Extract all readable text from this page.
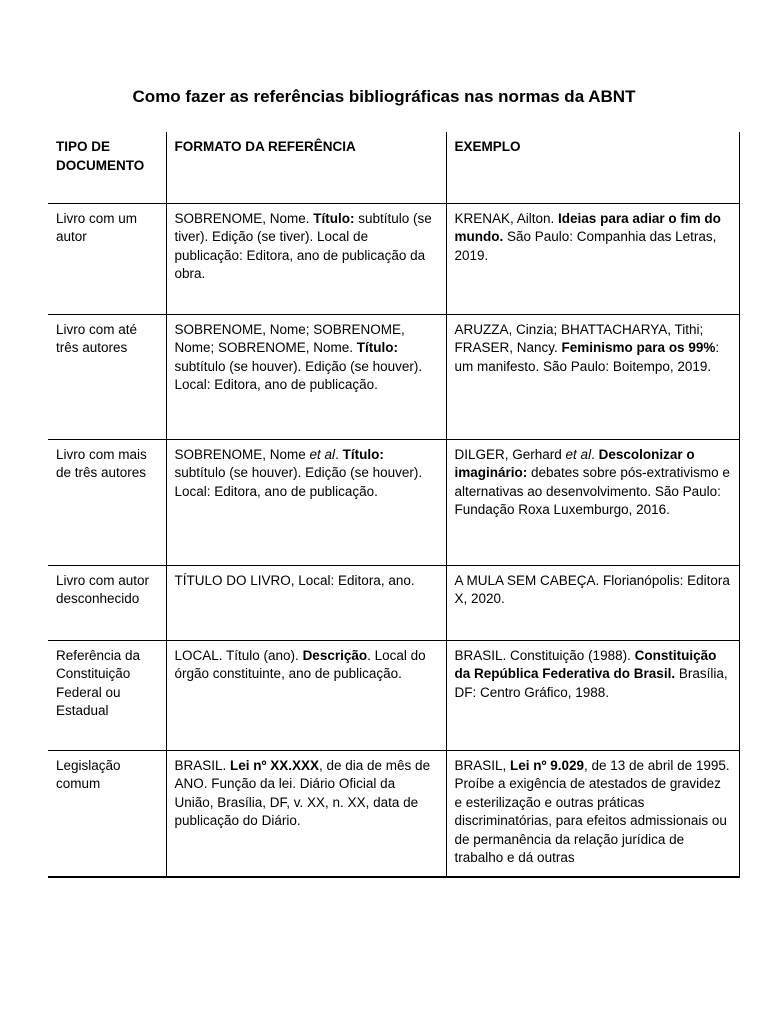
Como fazer as referências bibliográficas nas normas da ABNT
TIPO DE DOCUMENTO	FORMATO DA REFERÊNCIA	EXEMPLO
Livro com um autor	SOBRENOME, Nome. Título: subtítulo (se tiver). Edição (se tiver). Local de publicação: Editora, ano de publicação da obra.	KRENAK, Ailton. Ideias para adiar o fim do mundo. São Paulo: Companhia das Letras, 2019.
Livro com até três autores	SOBRENOME, Nome; SOBRENOME, Nome; SOBRENOME, Nome. Título: subtítulo (se houver). Edição (se houver). Local: Editora, ano de publicação.	ARUZZA, Cinzia; BHATTACHARYA, Tithi; FRASER, Nancy. Feminismo para os 99%: um manifesto. São Paulo: Boitempo, 2019.
Livro com mais de três autores	SOBRENOME, Nome et al. Título: subtítulo (se houver). Edição (se houver). Local: Editora, ano de publicação.	DILGER, Gerhard et al. Descolonizar o imaginário: debates sobre pós-extrativismo e alternativas ao desenvolvimento. São Paulo: Fundação Roxa Luxemburgo, 2016.
Livro com autor desconhecido	TÍTULO DO LIVRO, Local: Editora, ano.	A MULA SEM CABEÇA. Florianópolis: Editora X, 2020.
Referência da Constituição Federal ou Estadual	LOCAL. Título (ano). Descrição. Local do órgão constituinte, ano de publicação.	BRASIL. Constituição (1988). Constituição da República Federativa do Brasil. Brasília, DF: Centro Gráfico, 1988.
Legislação comum	BRASIL. Lei nº XX.XXX, de dia de mês de ANO. Função da lei. Diário Oficial da União, Brasília, DF, v. XX, n. XX, data de publicação do Diário.	BRASIL, Lei nº 9.029, de 13 de abril de 1995. Proíbe a exigência de atestados de gravidez e esterilização e outras práticas discriminatórias, para efeitos admissionais ou de permanência da relação jurídica de trabalho e dá outras
